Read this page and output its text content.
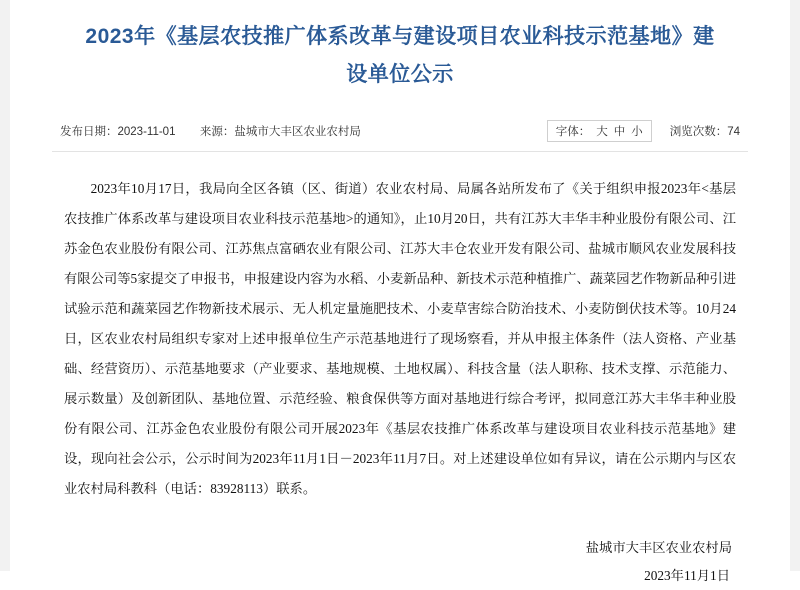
2023年《基层农技推广体系改革与建设项目农业科技示范基地》建设单位公示
发布日期：2023-11-01 来源：盐城市大丰区农业农村局	字体： 大 中 小 浏览次数：74

2023年10月17日，我局向全区各镇（区、街道）农业农村局、局属各站所发布了《关于组织申报2023年<基层农技推广体系改革与建设项目农业科技示范基地>的通知》，止10月20日，共有江苏大丰华丰种业股份有限公司、江苏金色农业股份有限公司、江苏焦点富硒农业有限公司、江苏大丰仓农业开发有限公司、盐城市顺风农业发展科技有限公司等5家提交了申报书，申报建设内容为水稻、小麦新品种、新技术示范种植推广、蔬菜园艺作物新品种引进试验示范和蔬菜园艺作物新技术展示、无人机定量施肥技术、小麦草害综合防治技术、小麦防倒伏技术等。10月24日，区农业农村局组织专家对上述申报单位生产示范基地进行了现场察看，并从申报主体条件（法人资格、产业基础、经营资历）、示范基地要求（产业要求、基地规模、土地权属）、科技含量（法人职称、技术支撑、示范能力、展示数量）及创新团队、基地位置、示范经验、粮食保供等方面对基地进行综合考评，拟同意江苏大丰华丰种业股份有限公司、江苏金色农业股份有限公司开展2023年《基层农技推广体系改革与建设项目农业科技示范基地》建设，现向社会公示，公示时间为2023年11月1日－2023年11月7日。对上述建设单位如有异议，请在公示期内与区农业农村局科教科（电话：83928113）联系。

盐城市大丰区农业农村局
2023年11月1日
